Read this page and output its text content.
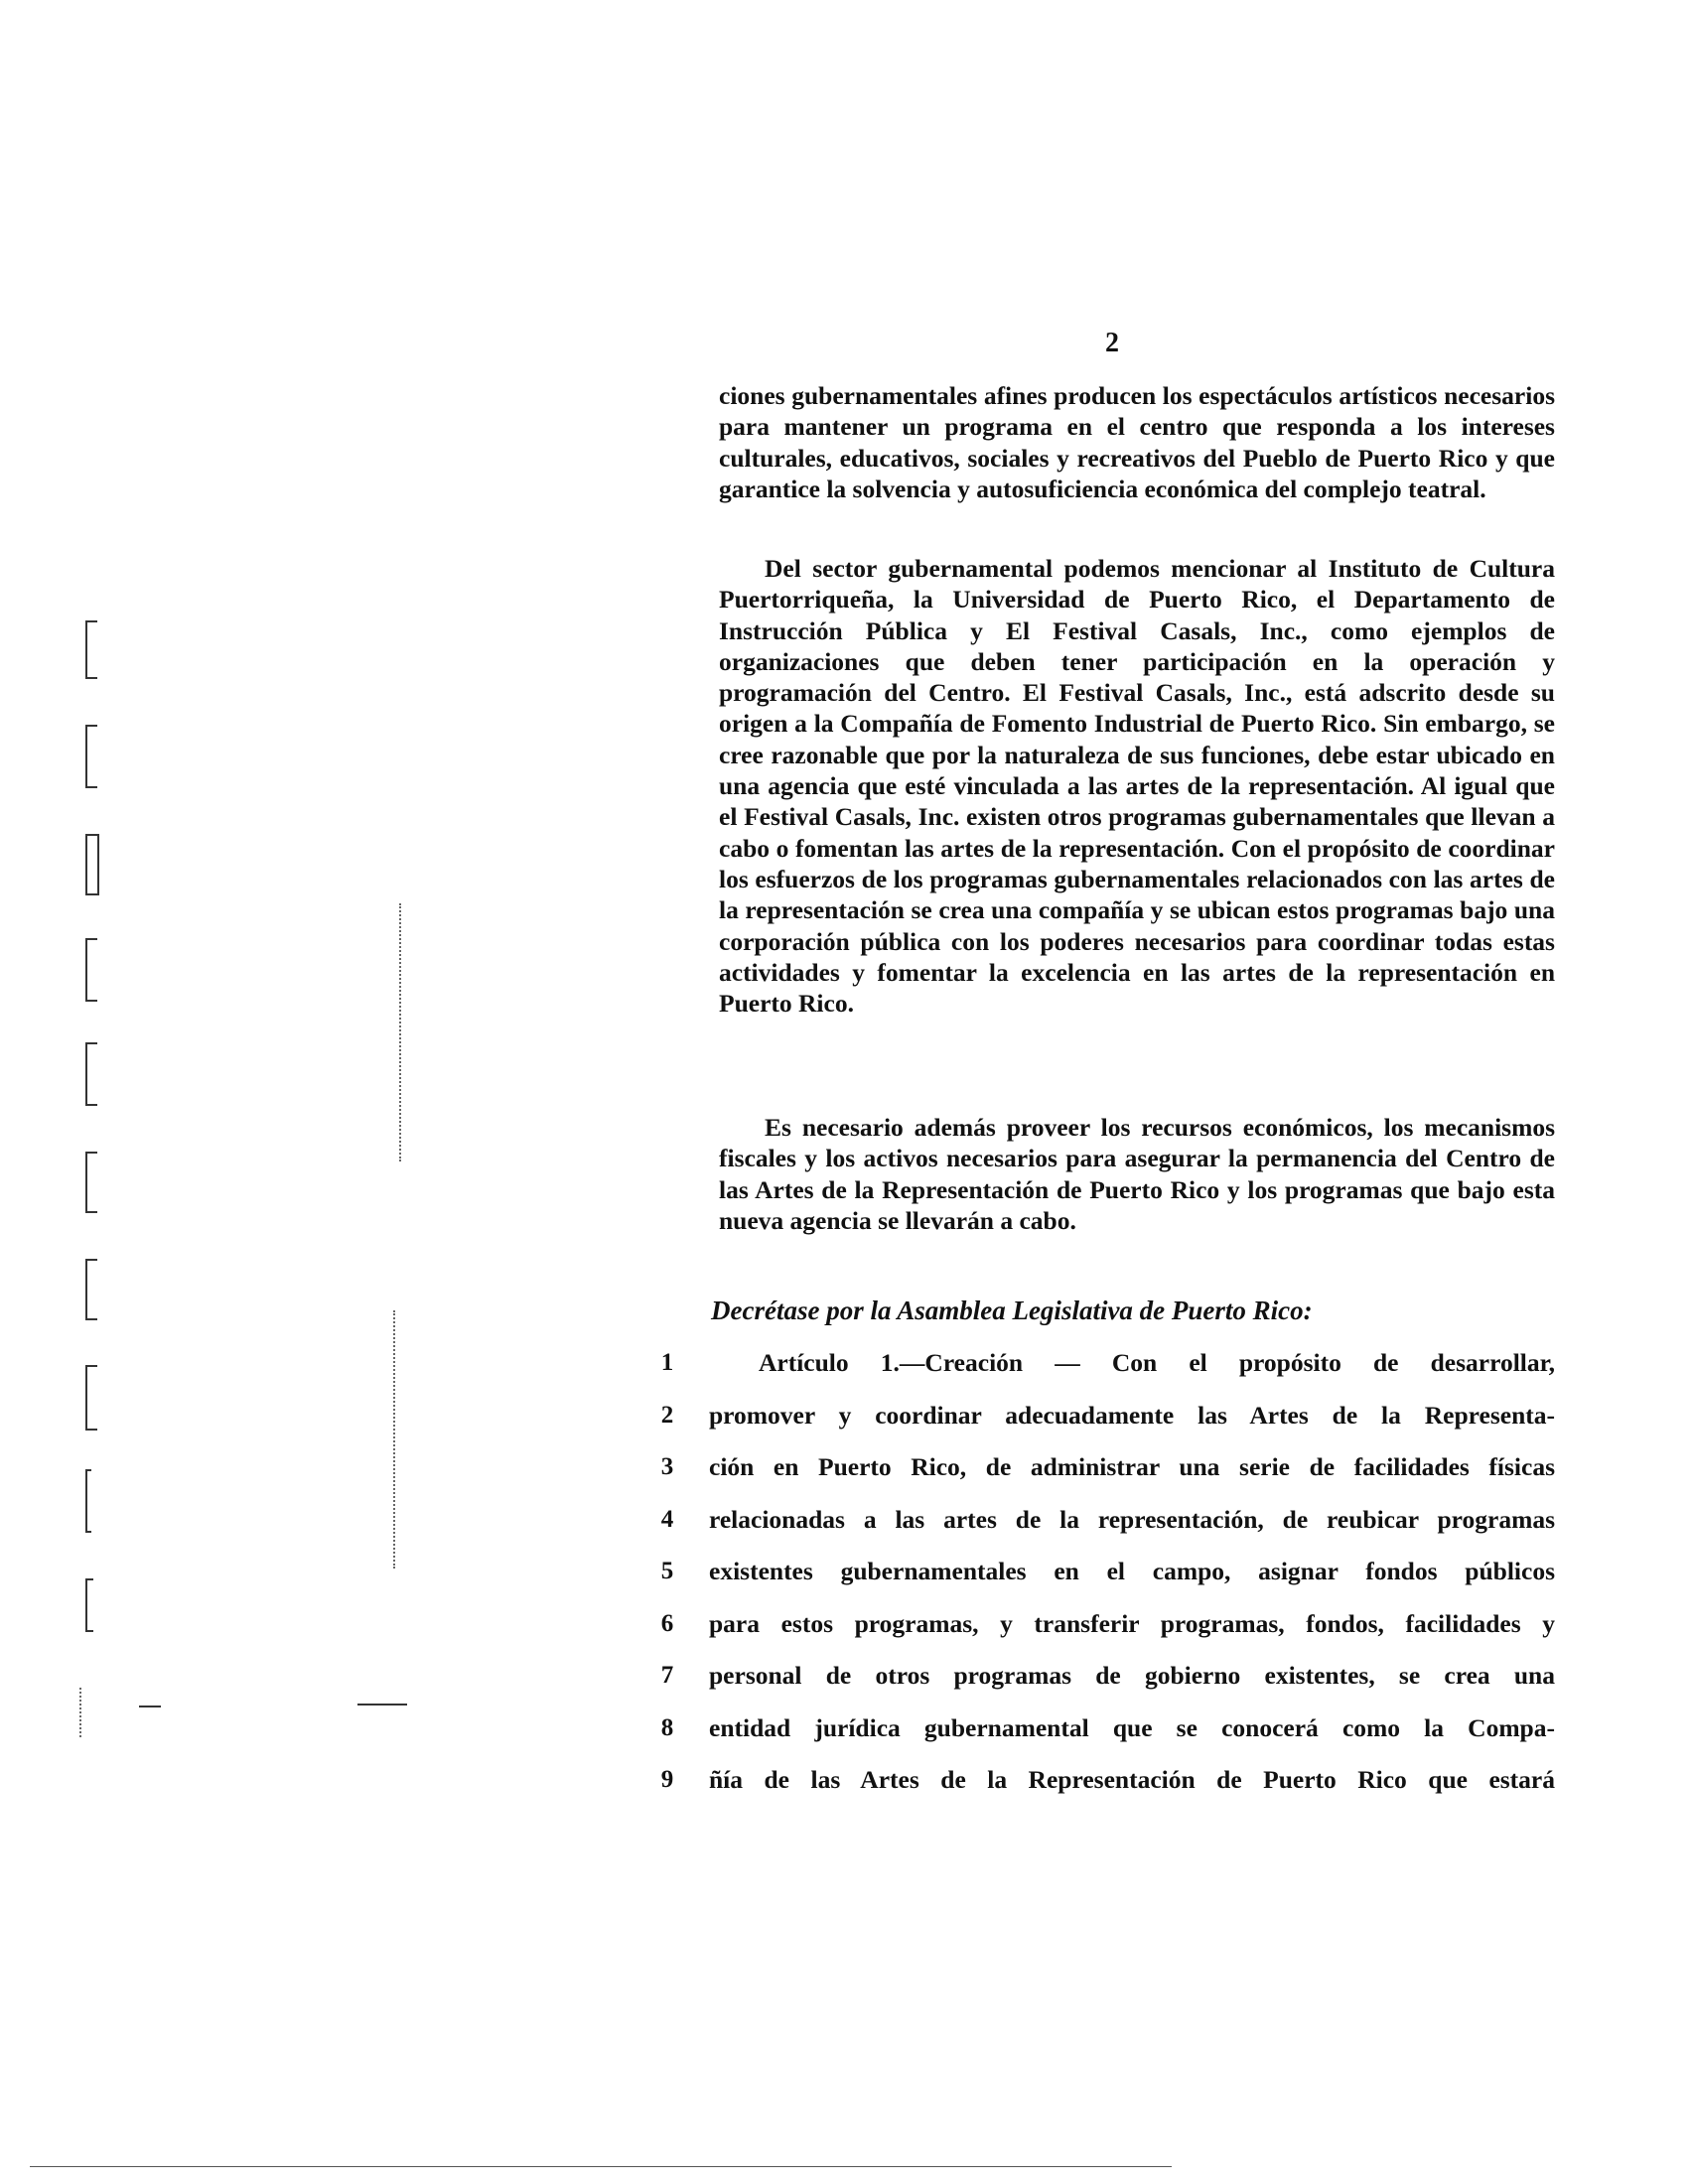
2

ciones gubernamentales afines producen los espectáculos artísticos necesarios para mantener un programa en el centro que responda a los intereses culturales, educativos, sociales y recreativos del Pueblo de Puerto Rico y que garantice la solvencia y autosuficiencia económica del complejo teatral.

Del sector gubernamental podemos mencionar al Instituto de Cultura Puertorriqueña, la Universidad de Puerto Rico, el Departamento de Instrucción Pública y El Festival Casals, Inc., como ejemplos de organizaciones que deben tener participación en la operación y programación del Centro. El Festival Casals, Inc., está adscrito desde su origen a la Compañía de Fomento Industrial de Puerto Rico. Sin embargo, se cree razonable que por la naturaleza de sus funciones, debe estar ubicado en una agencia que esté vinculada a las artes de la representación. Al igual que el Festival Casals, Inc. existen otros programas gubernamentales que llevan a cabo o fomentan las artes de la representación. Con el propósito de coordinar los esfuerzos de los programas gubernamentales relacionados con las artes de la representación se crea una compañía y se ubican estos programas bajo una corporación pública con los poderes necesarios para coordinar todas estas actividades y fomentar la excelencia en las artes de la representación en Puerto Rico.

Es necesario además proveer los recursos económicos, los mecanismos fiscales y los activos necesarios para asegurar la permanencia del Centro de las Artes de la Representación de Puerto Rico y los programas que bajo esta nueva agencia se llevarán a cabo.

Decrétase por la Asamblea Legislativa de Puerto Rico:
1	Artículo 1.—Creación — Con el propósito de desarrollar,
2 promover y coordinar adecuadamente las Artes de la Representa-
3 ción en Puerto Rico, de administrar una serie de facilidades físicas
4 relacionadas a las artes de la representación, de reubicar programas
5 existentes gubernamentales en el campo, asignar fondos públicos
6 para estos programas, y transferir programas, fondos, facilidades y
7 personal de otros programas de gobierno existentes, se crea una
8 entidad jurídica gubernamental que se conocerá como la Compa-
9 ñía de las Artes de la Representación de Puerto Rico que estará
